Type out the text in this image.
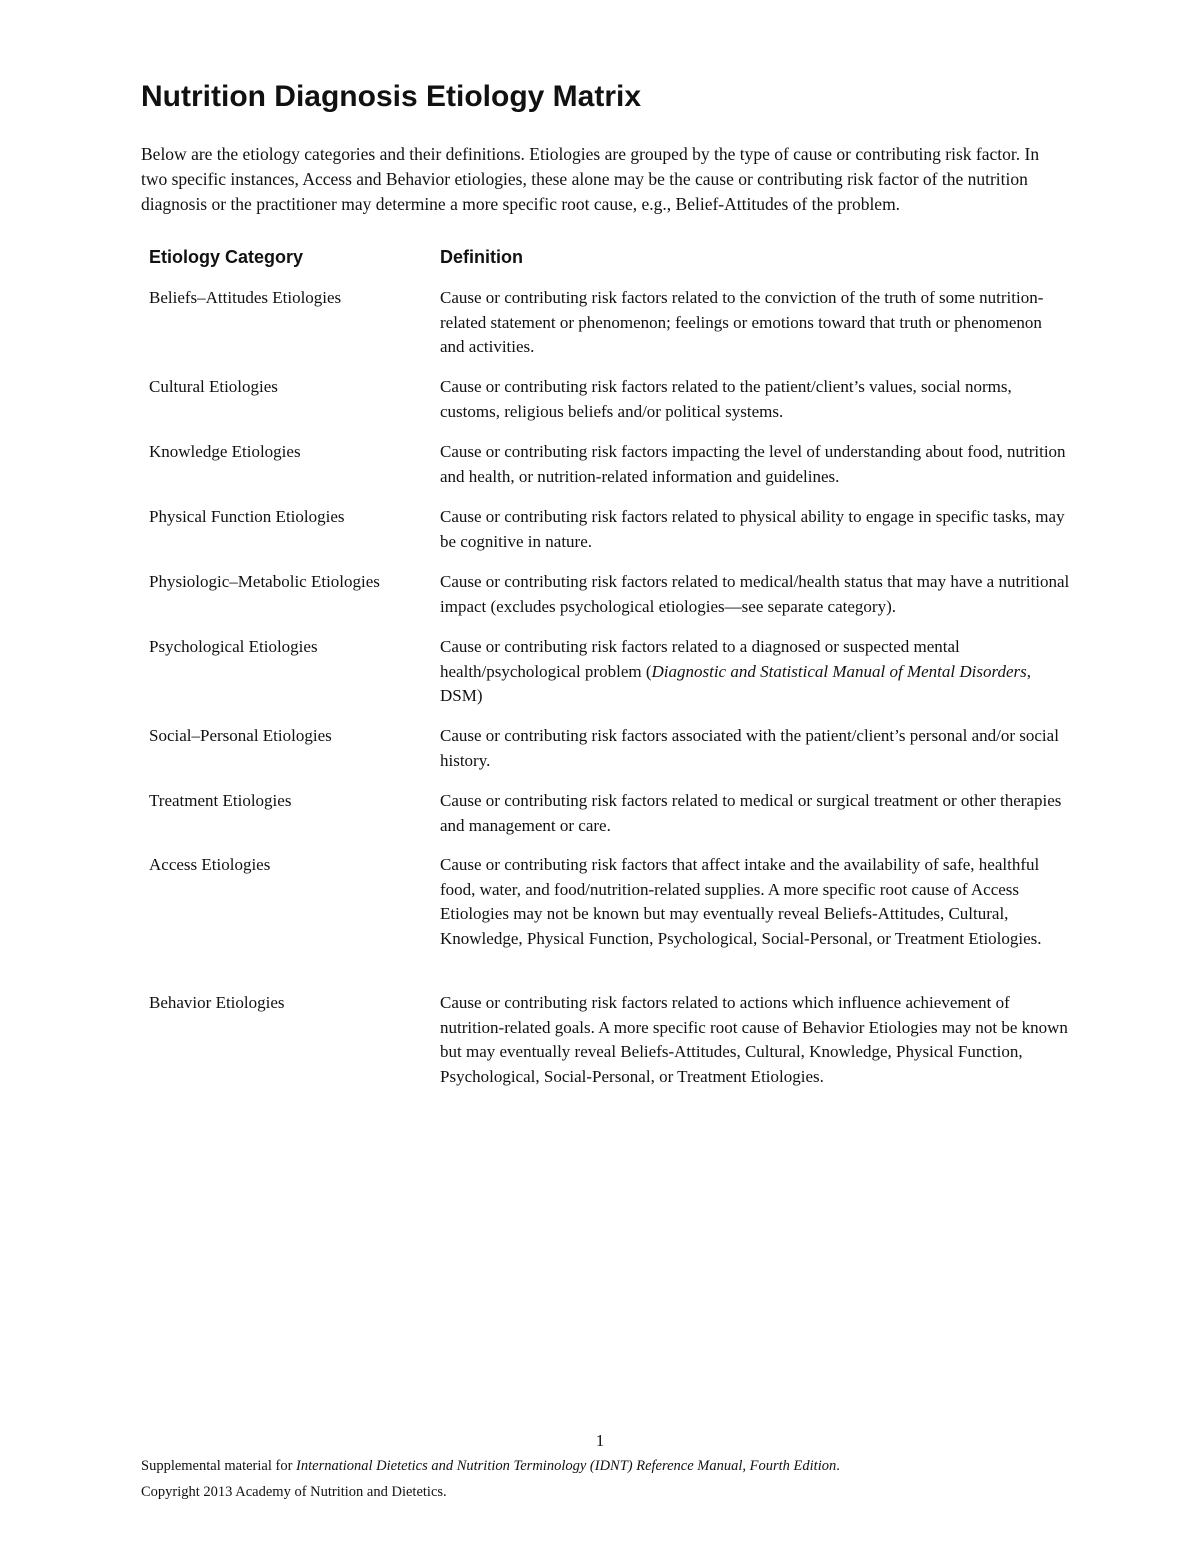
Nutrition Diagnosis Etiology Matrix

Below are the etiology categories and their definitions. Etiologies are grouped by the type of cause or contributing risk factor. In two specific instances, Access and Behavior etiologies, these alone may be the cause or contributing risk factor of the nutrition diagnosis or the practitioner may determine a more specific root cause, e.g., Belief-Attitudes of the problem.

Etiology Category	Definition
Beliefs–Attitudes Etiologies	Cause or contributing risk factors related to the conviction of the truth of some nutrition-related statement or phenomenon; feelings or emotions toward that truth or phenomenon and activities.
Cultural Etiologies	Cause or contributing risk factors related to the patient/client’s values, social norms, customs, religious beliefs and/or political systems.
Knowledge Etiologies	Cause or contributing risk factors impacting the level of understanding about food, nutrition and health, or nutrition-related information and guidelines.
Physical Function Etiologies	Cause or contributing risk factors related to physical ability to engage in specific tasks, may be cognitive in nature.
Physiologic–Metabolic Etiologies	Cause or contributing risk factors related to medical/health status that may have a nutritional impact (excludes psychological etiologies—see separate category).
Psychological Etiologies	Cause or contributing risk factors related to a diagnosed or suspected mental health/psychological problem (Diagnostic and Statistical Manual of Mental Disorders, DSM)
Social–Personal Etiologies	Cause or contributing risk factors associated with the patient/client’s personal and/or social history.
Treatment Etiologies	Cause or contributing risk factors related to medical or surgical treatment or other therapies and management or care.
Access Etiologies	Cause or contributing risk factors that affect intake and the availability of safe, healthful food, water, and food/nutrition-related supplies. A more specific root cause of Access Etiologies may not be known but may eventually reveal Beliefs-Attitudes, Cultural, Knowledge, Physical Function, Psychological, Social-Personal, or Treatment Etiologies.
Behavior Etiologies	Cause or contributing risk factors related to actions which influence achievement of nutrition-related goals. A more specific root cause of Behavior Etiologies may not be known but may eventually reveal Beliefs-Attitudes, Cultural, Knowledge, Physical Function, Psychological, Social-Personal, or Treatment Etiologies.
1
Supplemental material for International Dietetics and Nutrition Terminology (IDNT) Reference Manual, Fourth Edition.
Copyright 2013 Academy of Nutrition and Dietetics.
